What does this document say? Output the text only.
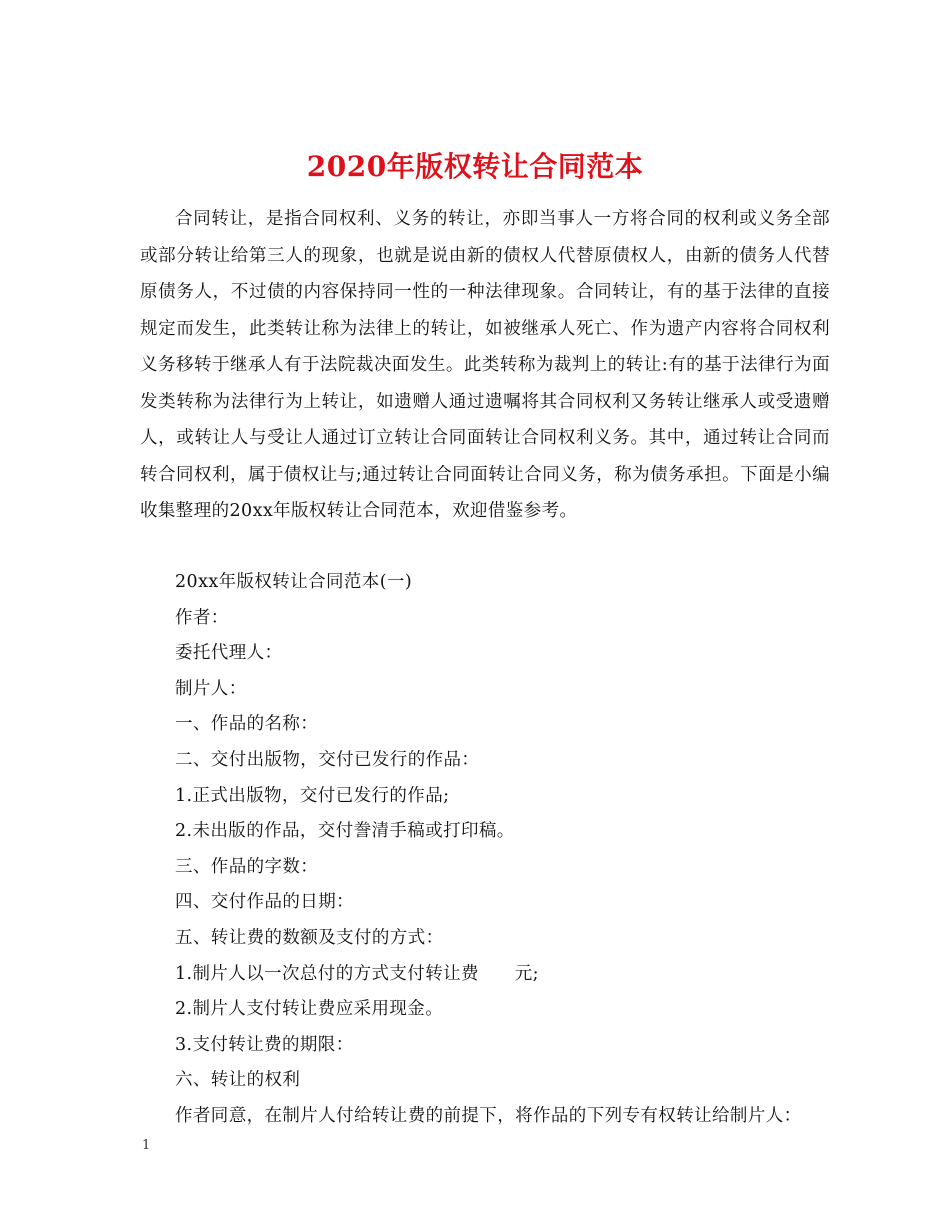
2020年版权转让合同范本

合同转让，是指合同权利、义务的转让，亦即当事人一方将合同的权利或义务全部或部分转让给第三人的现象，也就是说由新的债权人代替原债权人，由新的债务人代替原债务人，不过债的内容保持同一性的一种法律现象。合同转让，有的基于法律的直接规定而发生，此类转让称为法律上的转让，如被继承人死亡、作为遗产内容将合同权利义务移转于继承人有于法院裁决面发生。此类转称为裁判上的转让:有的基于法律行为面发类转称为法律行为上转让，如遗赠人通过遗嘱将其合同权利又务转让继承人或受遗赠人，或转让人与受让人通过订立转让合同面转让合同权利义务。其中，通过转让合同而转合同权利，属于债权让与;通过转让合同面转让合同义务，称为债务承担。下面是小编收集整理的20xx年版权转让合同范本，欢迎借鉴参考。

20xx年版权转让合同范本(一)
作者：
委托代理人：
制片人：
一、作品的名称：
二、交付出版物，交付已发行的作品：
1.正式出版物，交付已发行的作品;
2.未出版的作品，交付誊清手稿或打印稿。
三、作品的字数：
四、交付作品的日期：
五、转让费的数额及支付的方式：
1.制片人以一次总付的方式支付转让费　　元;
2.制片人支付转让费应采用现金。
3.支付转让费的期限：
六、转让的权利
作者同意，在制片人付给转让费的前提下，将作品的下列专有权转让给制片人：
1
